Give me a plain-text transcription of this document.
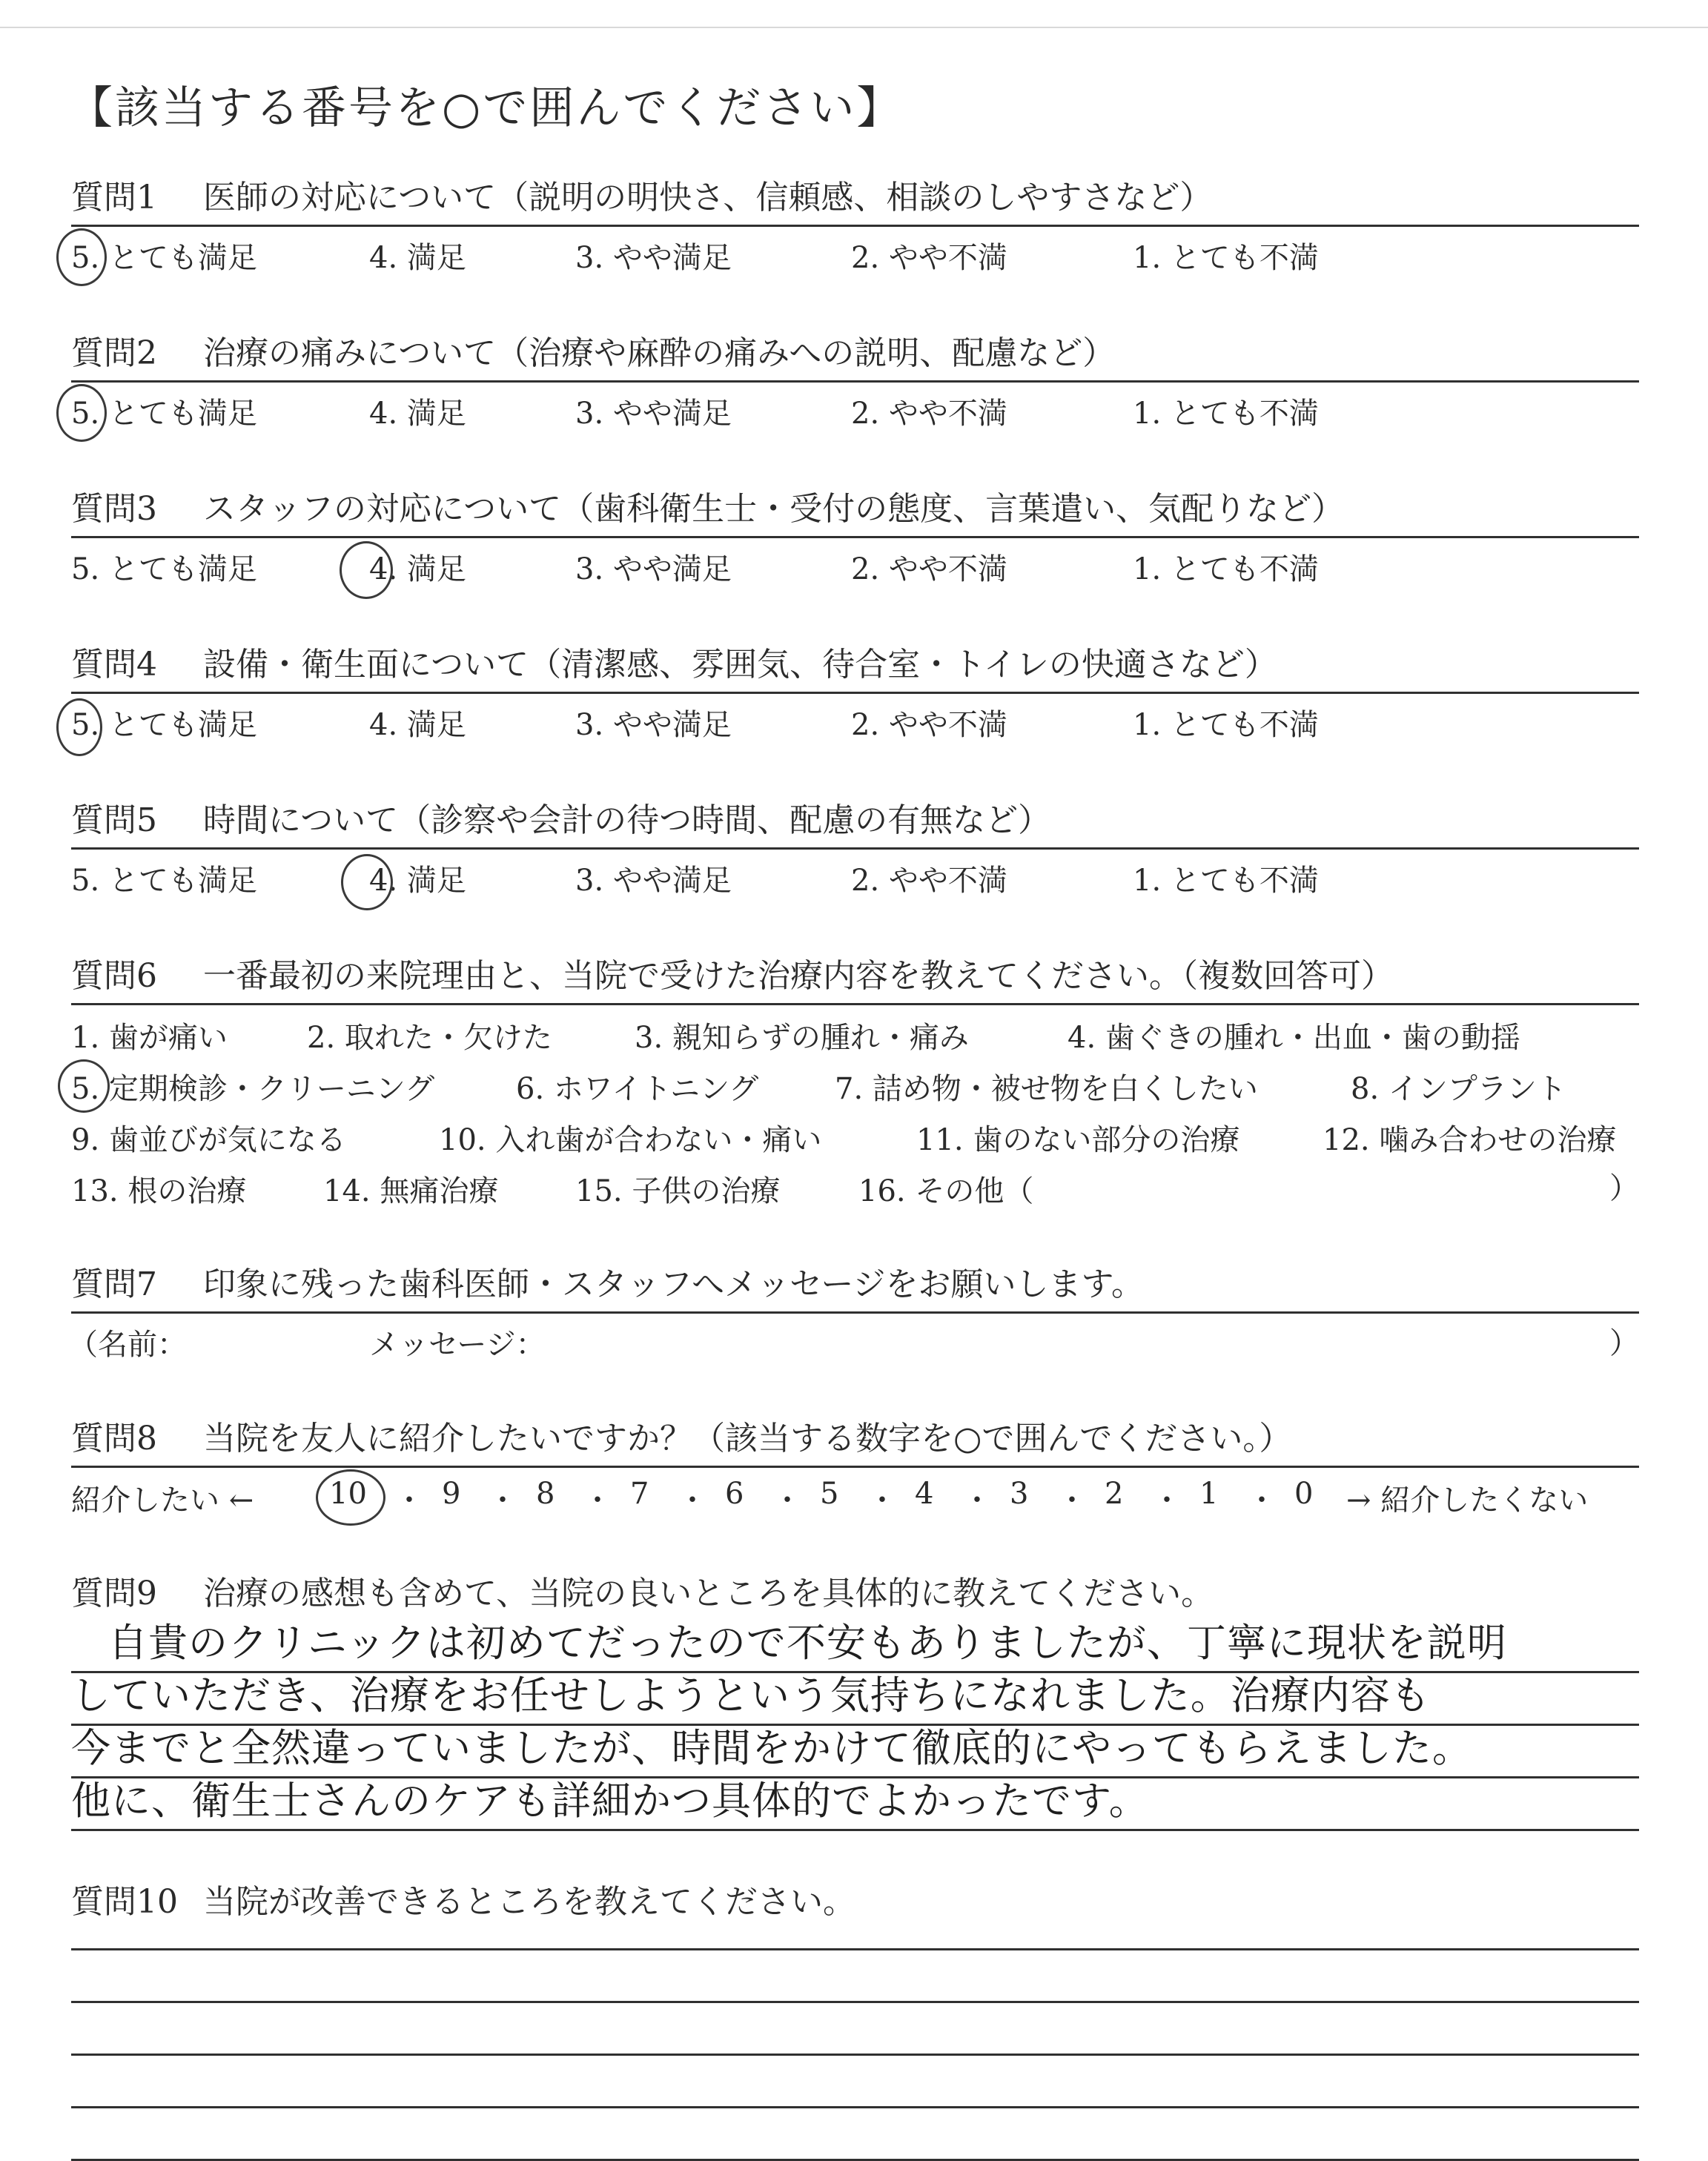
【該当する番号を○で囲んでください】
質問1 医師の対応について（説明の明快さ、信頼感、相談のしやすさなど）
5. とても満足	4. 満足	3. やや満足	2. やや不満	1. とても不満
質問2 治療の痛みについて（治療や麻酔の痛みへの説明、配慮など）
5. とても満足	4. 満足	3. やや満足	2. やや不満	1. とても不満
質問3 スタッフの対応について（歯科衛生士・受付の態度、言葉遣い、気配りなど）
5. とても満足	4. 満足	3. やや満足	2. やや不満	1. とても不満
質問4 設備・衛生面について（清潔感、雰囲気、待合室・トイレの快適さなど）
5. とても満足	4. 満足	3. やや満足	2. やや不満	1. とても不満
質問5 時間について（診察や会計の待つ時間、配慮の有無など）
5. とても満足	4. 満足	3. やや満足	2. やや不満	1. とても不満
質問6 一番最初の来院理由と、当院で受けた治療内容を教えてください。（複数回答可）
1. 歯が痛い	2. 取れた・欠けた	3. 親知らずの腫れ・痛み	4. 歯ぐきの腫れ・出血・歯の動揺
5. 定期検診・クリーニング	6. ホワイトニング	7. 詰め物・被せ物を白くしたい	8. インプラント
9. 歯並びが気になる	10. 入れ歯が合わない・痛い	11. 歯のない部分の治療	12. 噛み合わせの治療
13. 根の治療	14. 無痛治療	15. 子供の治療	16. その他（	）
質問7 印象に残った歯科医師・スタッフへメッセージをお願いします。
（名前：	メッセージ：	）
質問8 当院を友人に紹介したいですか？（該当する数字を○で囲んでください。）
紹介したい ←	10 ・ 9 ・ 8 ・ 7 ・ 6 ・ 5 ・ 4 ・ 3 ・ 2 ・ 1 ・ 0 → 紹介したくない
質問9 治療の感想も含めて、当院の良いところを具体的に教えてください。
自貴のクリニックは初めてだったので不安もありましたが、丁寧に現状を説明
していただき、治療をお任せしようという気持ちになれました。治療内容も
今までと全然違っていましたが、時間をかけて徹底的にやってもらえました。
他に、衛生士さんのケアも詳細かつ具体的でよかったです。
質問10 当院が改善できるところを教えてください。
